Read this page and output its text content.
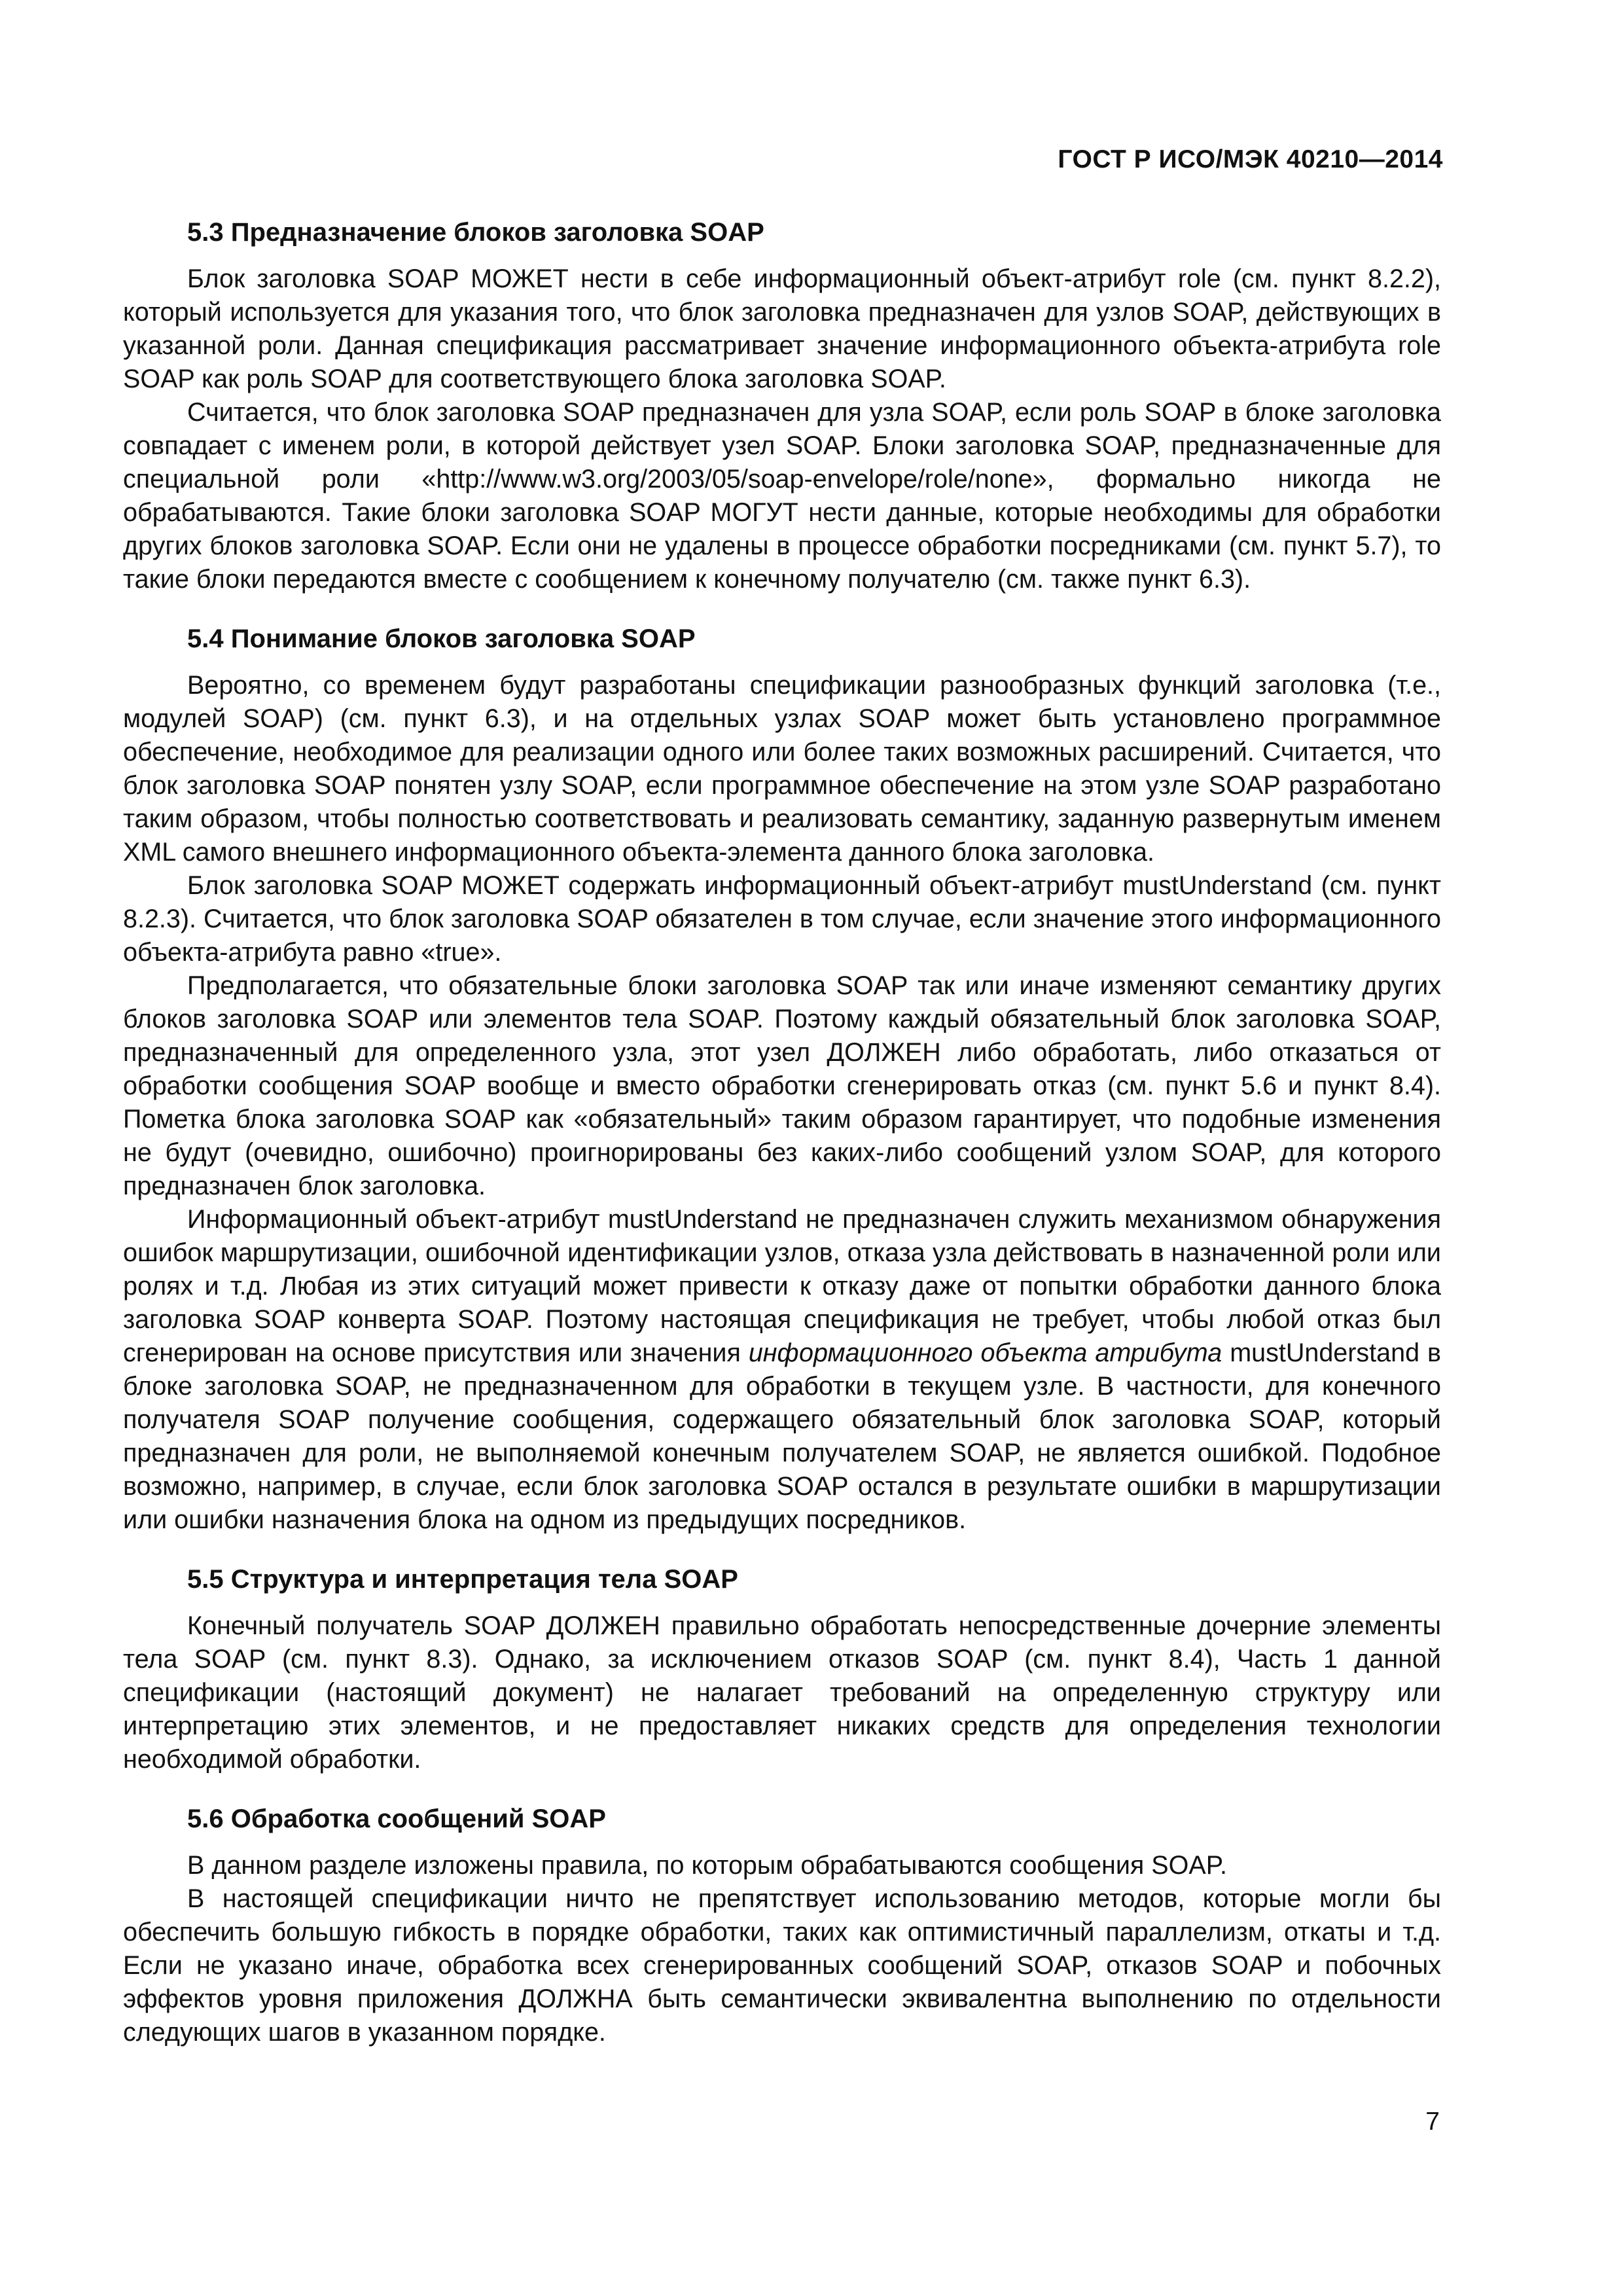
ГОСТ Р ИСО/МЭК 40210—2014
5.3 Предназначение блоков заголовка SOAP

Блок заголовка SOAP МОЖЕТ нести в себе информационный объект-атрибут role (см. пункт 8.2.2), который используется для указания того, что блок заголовка предназначен для узлов SOAP, действующих в указанной роли. Данная спецификация рассматривает значение информационного объекта-атрибута role SOAP как роль SOAP для соответствующего блока заголовка SOAP.

Считается, что блок заголовка SOAP предназначен для узла SOAP, если роль SOAP в блоке заголовка совпадает с именем роли, в которой действует узел SOAP. Блоки заголовка SOAP, предназначенные для специальной роли «http://www.w3.org/2003/05/soap-envelope/role/none», формально никогда не обрабатываются. Такие блоки заголовка SOAP МОГУТ нести данные, которые необходимы для обработки других блоков заголовка SOAP. Если они не удалены в процессе обработки посредниками (см. пункт 5.7), то такие блоки передаются вместе с сообщением к конечному получателю (см. также пункт 6.3).

5.4 Понимание блоков заголовка SOAP

Вероятно, со временем будут разработаны спецификации разнообразных функций заголовка (т.е., модулей SOAP) (см. пункт 6.3), и на отдельных узлах SOAP может быть установлено программное обеспечение, необходимое для реализации одного или более таких возможных расширений. Считается, что блок заголовка SOAP понятен узлу SOAP, если программное обеспечение на этом узле SOAP разработано таким образом, чтобы полностью соответствовать и реализовать семантику, заданную развернутым именем XML самого внешнего информационного объекта-элемента данного блока заголовка.

Блок заголовка SOAP МОЖЕТ содержать информационный объект-атрибут mustUnderstand (см. пункт 8.2.3). Считается, что блок заголовка SOAP обязателен в том случае, если значение этого информационного объекта-атрибута равно «true».

Предполагается, что обязательные блоки заголовка SOAP так или иначе изменяют семантику других блоков заголовка SOAP или элементов тела SOAP. Поэтому каждый обязательный блок заголовка SOAP, предназначенный для определенного узла, этот узел ДОЛЖЕН либо обработать, либо отказаться от обработки сообщения SOAP вообще и вместо обработки сгенерировать отказ (см. пункт 5.6 и пункт 8.4). Пометка блока заголовка SOAP как «обязательный» таким образом гарантирует, что подобные изменения не будут (очевидно, ошибочно) проигнорированы без каких-либо сообщений узлом SOAP, для которого предназначен блок заголовка.

Информационный объект-атрибут mustUnderstand не предназначен служить механизмом обнаружения ошибок маршрутизации, ошибочной идентификации узлов, отказа узла действовать в назначенной роли или ролях и т.д. Любая из этих ситуаций может привести к отказу даже от попытки обработки данного блока заголовка SOAP конверта SOAP. Поэтому настоящая спецификация не требует, чтобы любой отказ был сгенерирован на основе присутствия или значения информационного объекта атрибута mustUnderstand в блоке заголовка SOAP, не предназначенном для обработки в текущем узле. В частности, для конечного получателя SOAP получение сообщения, содержащего обязательный блок заголовка SOAP, который предназначен для роли, не выполняемой конечным получателем SOAP, не является ошибкой. Подобное возможно, например, в случае, если блок заголовка SOAP остался в результате ошибки в маршрутизации или ошибки назначения блока на одном из предыдущих посредников.

5.5 Структура и интерпретация тела SOAP

Конечный получатель SOAP ДОЛЖЕН правильно обработать непосредственные дочерние элементы тела SOAP (см. пункт 8.3). Однако, за исключением отказов SOAP (см. пункт 8.4), Часть 1 данной спецификации (настоящий документ) не налагает требований на определенную структуру или интерпретацию этих элементов, и не предоставляет никаких средств для определения технологии необходимой обработки.

5.6 Обработка сообщений SOAP

В данном разделе изложены правила, по которым обрабатываются сообщения SOAP.

В настоящей спецификации ничто не препятствует использованию методов, которые могли бы обеспечить большую гибкость в порядке обработки, таких как оптимистичный параллелизм, откаты и т.д. Если не указано иначе, обработка всех сгенерированных сообщений SOAP, отказов SOAP и побочных эффектов уровня приложения ДОЛЖНА быть семантически эквивалентна выполнению по отдельности следующих шагов в указанном порядке.

7
